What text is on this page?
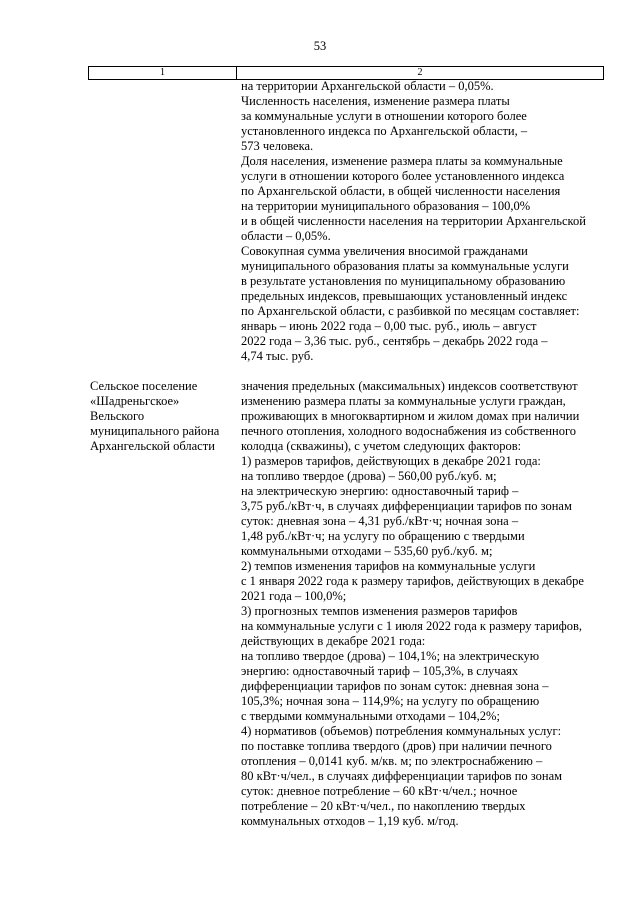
53
1	2
на территории Архангельской области – 0,05%.
Численность населения, изменение размера платы
за коммунальные услуги в отношении которого более
установленного индекса по Архангельской области, –
573 человека.
Доля населения, изменение размера платы за коммунальные
услуги в отношении которого более установленного индекса
по Архангельской области, в общей численности населения
на территории муниципального образования – 100,0%
и в общей численности населения на территории Архангельской
области – 0,05%.
Совокупная сумма увеличения вносимой гражданами
муниципального образования платы за коммунальные услуги
в результате установления по муниципальному образованию
предельных индексов, превышающих установленный индекс
по Архангельской области, с разбивкой по месяцам составляет:
январь – июнь 2022 года – 0,00 тыс. руб., июль – август
2022 года – 3,36 тыс. руб., сентябрь – декабрь 2022 года –
4,74 тыс. руб.
Сельское поселение
«Шадреньгское»
Вельского
муниципального района
Архангельской области
значения предельных (максимальных) индексов соответствуют
изменению размера платы за коммунальные услуги граждан,
проживающих в многоквартирном и жилом домах при наличии
печного отопления, холодного водоснабжения из собственного
колодца (скважины), с учетом следующих факторов:
1) размеров тарифов, действующих в декабре 2021 года:
на топливо твердое (дрова) – 560,00 руб./куб. м;
на электрическую энергию: одноставочный тариф –
3,75 руб./кВт·ч, в случаях дифференциации тарифов по зонам
суток: дневная зона – 4,31 руб./кВт·ч; ночная зона –
1,48 руб./кВт·ч; на услугу по обращению с твердыми
коммунальными отходами – 535,60 руб./куб. м;
2) темпов изменения тарифов на коммунальные услуги
с 1 января 2022 года к размеру тарифов, действующих в декабре
2021 года – 100,0%;
3) прогнозных темпов изменения размеров тарифов
на коммунальные услуги с 1 июля 2022 года к размеру тарифов,
действующих в декабре 2021 года:
на топливо твердое (дрова) – 104,1%; на электрическую
энергию: одноставочный тариф – 105,3%, в случаях
дифференциации тарифов по зонам суток: дневная зона –
105,3%; ночная зона – 114,9%; на услугу по обращению
с твердыми коммунальными отходами – 104,2%;
4) нормативов (объемов) потребления коммунальных услуг:
по поставке топлива твердого (дров) при наличии печного
отопления – 0,0141 куб. м/кв. м; по электроснабжению –
80 кВт·ч/чел., в случаях дифференциации тарифов по зонам
суток: дневное потребление – 60 кВт·ч/чел.; ночное
потребление – 20 кВт·ч/чел., по накоплению твердых
коммунальных отходов – 1,19 куб. м/год.
